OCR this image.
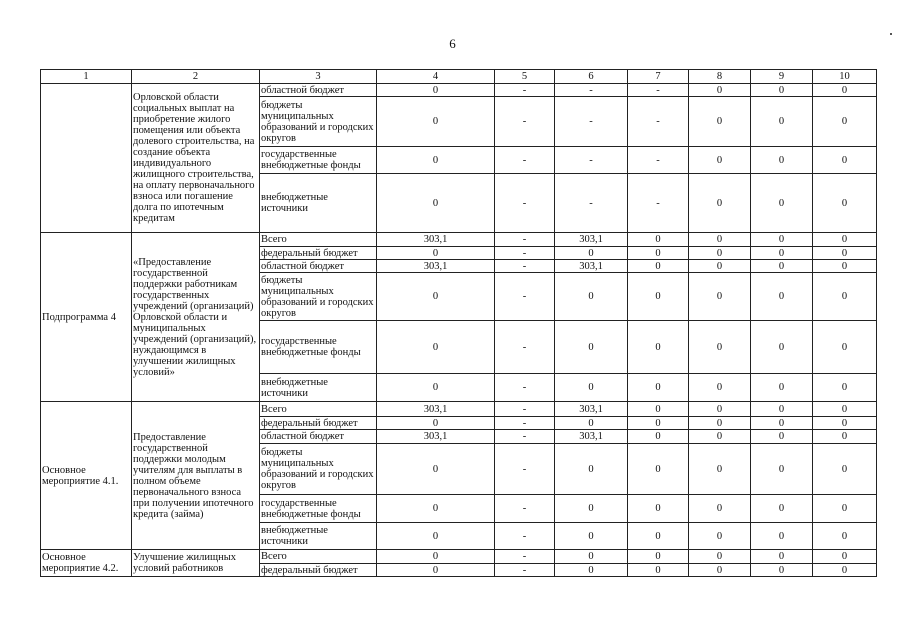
6
1	2	3	4	5	6	7	8	9	10
	Орловской области социальных выплат на приобретение жилого помещения или объекта долевого строительства, на создание объекта индивидуального жилищного строительства, на оплату первоначального взноса или погашение долга по ипотечным кредитам	областной бюджет	0	-	-	-	0	0	0
		бюджеты муниципальных образований и городских округов	0	-	-	-	0	0	0
		государственные внебюджетные фонды	0	-	-	-	0	0	0
		внебюджетные источники	0	-	-	-	0	0	0
Подпрограмма 4	«Предоставление государственной поддержки работникам государственных учреждений (организаций) Орловской области и муниципальных учреждений (организаций), нуждающимся в улучшении жилищных условий»	Всего	303,1	-	303,1	0	0	0	0
		федеральный бюджет	0	-	0	0	0	0	0
		областной бюджет	303,1	-	303,1	0	0	0	0
		бюджеты муниципальных образований и городских округов	0	-	0	0	0	0	0
		государственные внебюджетные фонды	0	-	0	0	0	0	0
		внебюджетные источники	0	-	0	0	0	0	0
Основное мероприятие 4.1.	Предоставление государственной поддержки молодым учителям для выплаты в полном объеме первоначального взноса при получении ипотечного кредита (займа)	Всего	303,1	-	303,1	0	0	0	0
		федеральный бюджет	0	-	0	0	0	0	0
		областной бюджет	303,1	-	303,1	0	0	0	0
		бюджеты муниципальных образований и городских округов	0	-	0	0	0	0	0
		государственные внебюджетные фонды	0	-	0	0	0	0	0
		внебюджетные источники	0	-	0	0	0	0	0
Основное мероприятие 4.2.	Улучшение жилищных условий работников	Всего	0	-	0	0	0	0	0
		федеральный бюджет	0	-	0	0	0	0	0
